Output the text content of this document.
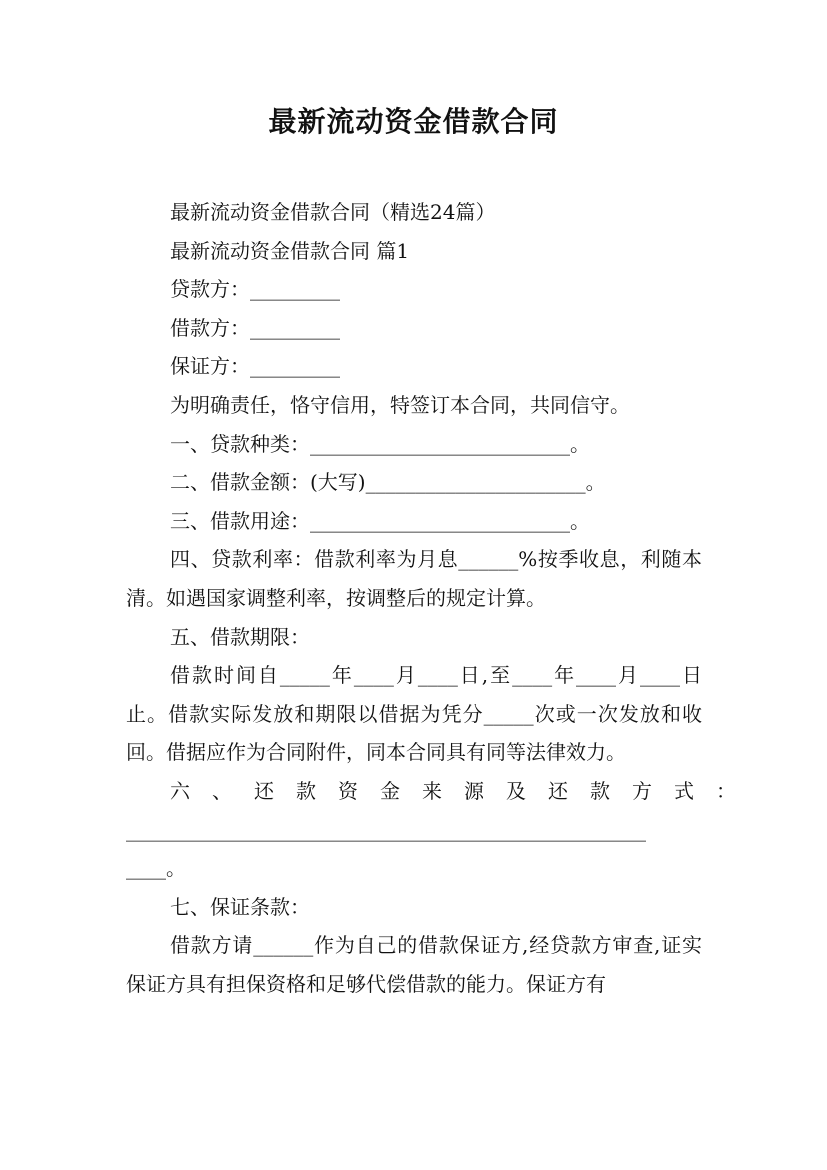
最新流动资金借款合同

最新流动资金借款合同（精选24篇）

最新流动资金借款合同 篇1

贷款方：_________

借款方：_________

保证方：_________

为明确责任，恪守信用，特签订本合同，共同信守。

一、贷款种类：__________________________。

二、借款金额：(大写)______________________。

三、借款用途：__________________________。

四、贷款利率：借款利率为月息______%按季收息，利随本清。如遇国家调整利率，按调整后的规定计算。

五、借款期限：

借款时间自_____年____月____日,至____年____月____日止。借款实际发放和期限以借据为凭分_____次或一次发放和收回。借据应作为合同附件，同本合同具有同等法律效力。

六、还款资金来源及还款方式：

____________________________________________________

____。

七、保证条款：

借款方请______作为自己的借款保证方,经贷款方审查,证实保证方具有担保资格和足够代偿借款的能力。保证方有
